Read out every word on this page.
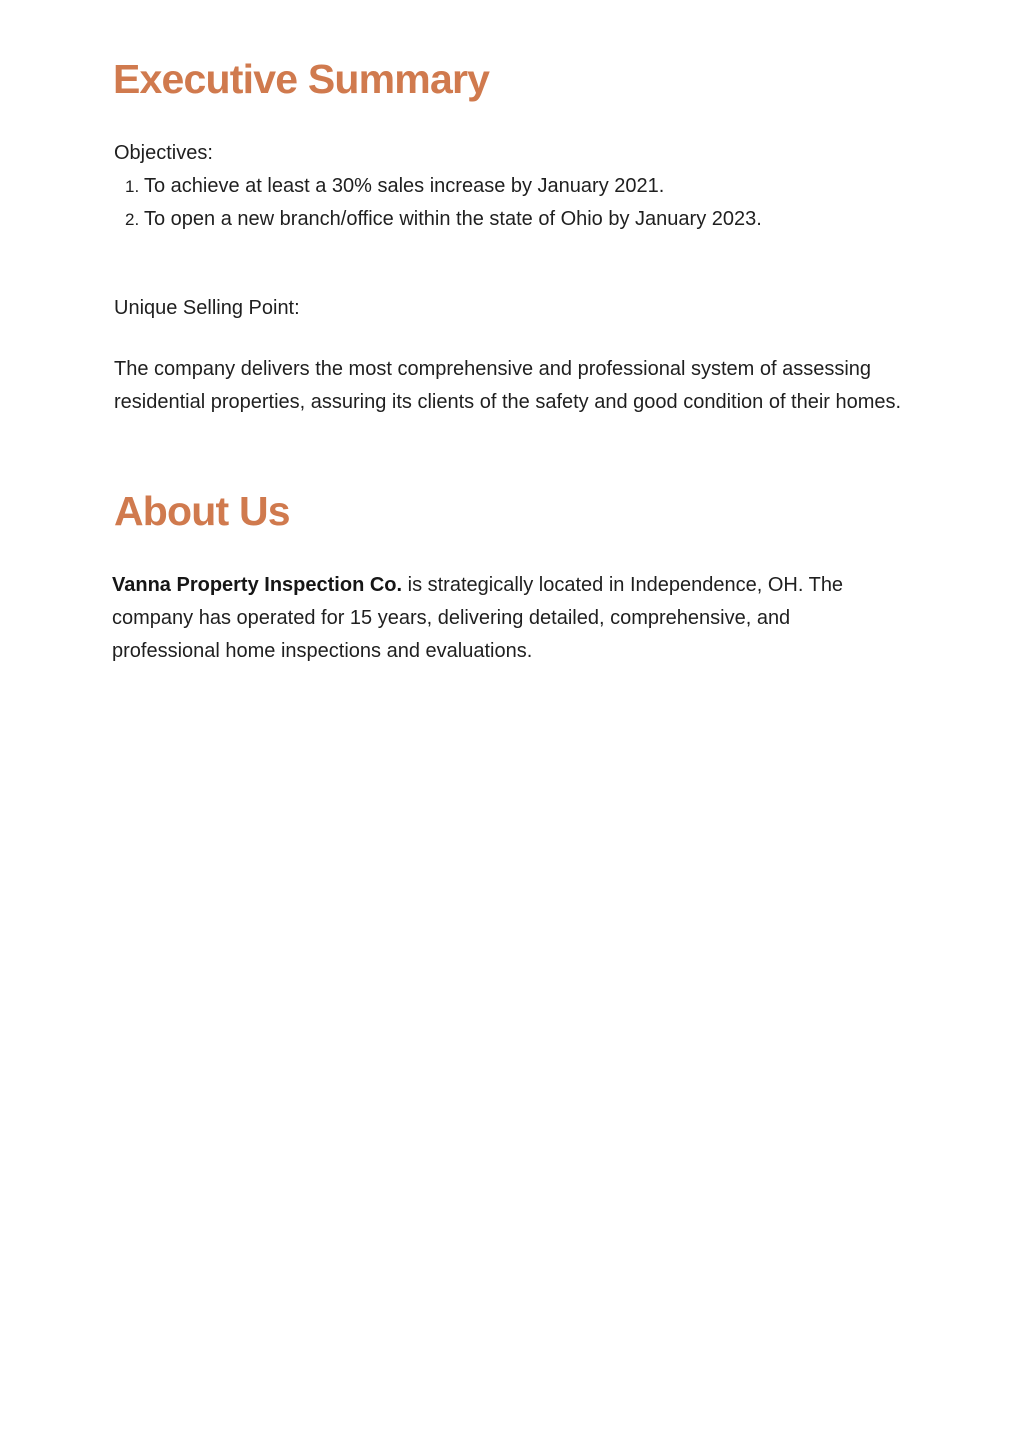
Executive Summary

Objectives:

1. To achieve at least a 30% sales increase by January 2021.
2. To open a new branch/office within the state of Ohio by January 2023.

Unique Selling Point:

The company delivers the most comprehensive and professional system of assessing residential properties, assuring its clients of the safety and good condition of their homes.

About Us

Vanna Property Inspection Co. is strategically located in Independence, OH. The company has operated for 15 years, delivering detailed, comprehensive, and professional home inspections and evaluations.
